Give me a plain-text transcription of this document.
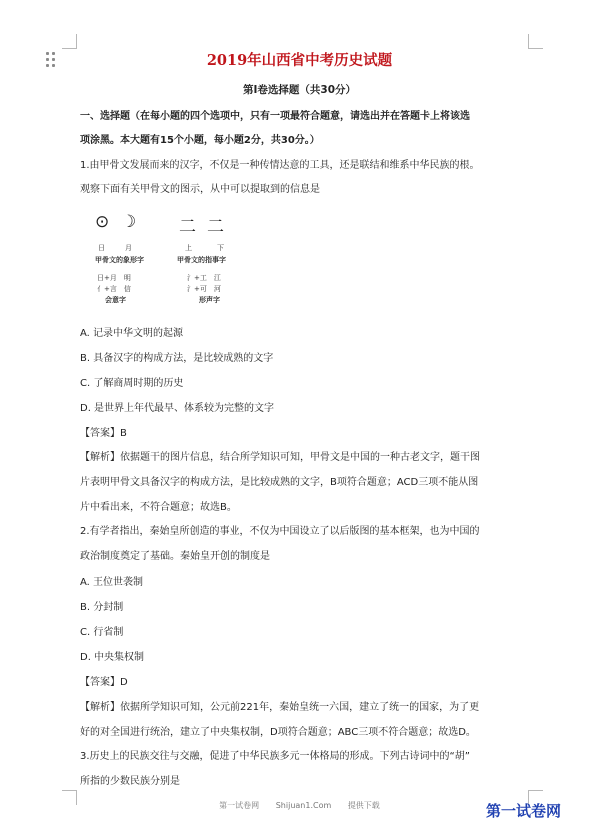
2019年山西省中考历史试题
第Ⅰ卷选择题（共30分）
一、选择题（在每小题的四个选项中，只有一项最符合题意，请选出并在答题卡上将该选
项涂黑。本大题有15个小题，每小题2分，共30分。）
1.由甲骨文发展而来的汉字，不仅是一种传情达意的工具，还是联结和维系中华民族的根。
观察下面有关甲骨文的图示，从中可以提取到的信息是
⊙ ☽	⼆ ⼆
日	月	上	下
甲骨文的象形字	甲骨文的指事字
日+月　明
亻+言　信
会意字
氵+工　江
氵+可　河
形声字
A. 记录中华文明的起源
B. 具备汉字的构成方法，是比较成熟的文字
C. 了解商周时期的历史
D. 是世界上年代最早、体系较为完整的文字
【答案】B
【解析】依据题干的图片信息，结合所学知识可知，甲骨文是中国的一种古老文字，题干图
片表明甲骨文具备汉字的构成方法，是比较成熟的文字，B项符合题意；ACD三项不能从图
片中看出来，不符合题意；故选B。
2.有学者指出，秦始皇所创造的事业，不仅为中国设立了以后版图的基本框架，也为中国的
政治制度奠定了基础。秦始皇开创的制度是
A. 王位世袭制
B. 分封制
C. 行省制
D. 中央集权制
【答案】D
【解析】依据所学知识可知，公元前221年，秦始皇统一六国，建立了统一的国家，为了更
好的对全国进行统治，建立了中央集权制，D项符合题意；ABC三项不符合题意；故选D。
3.历史上的民族交往与交融，促进了中华民族多元一体格局的形成。下列古诗词中的“胡”
所指的少数民族分别是
第一试卷网 Shijuan1.Com 提供下载	第一试卷网
